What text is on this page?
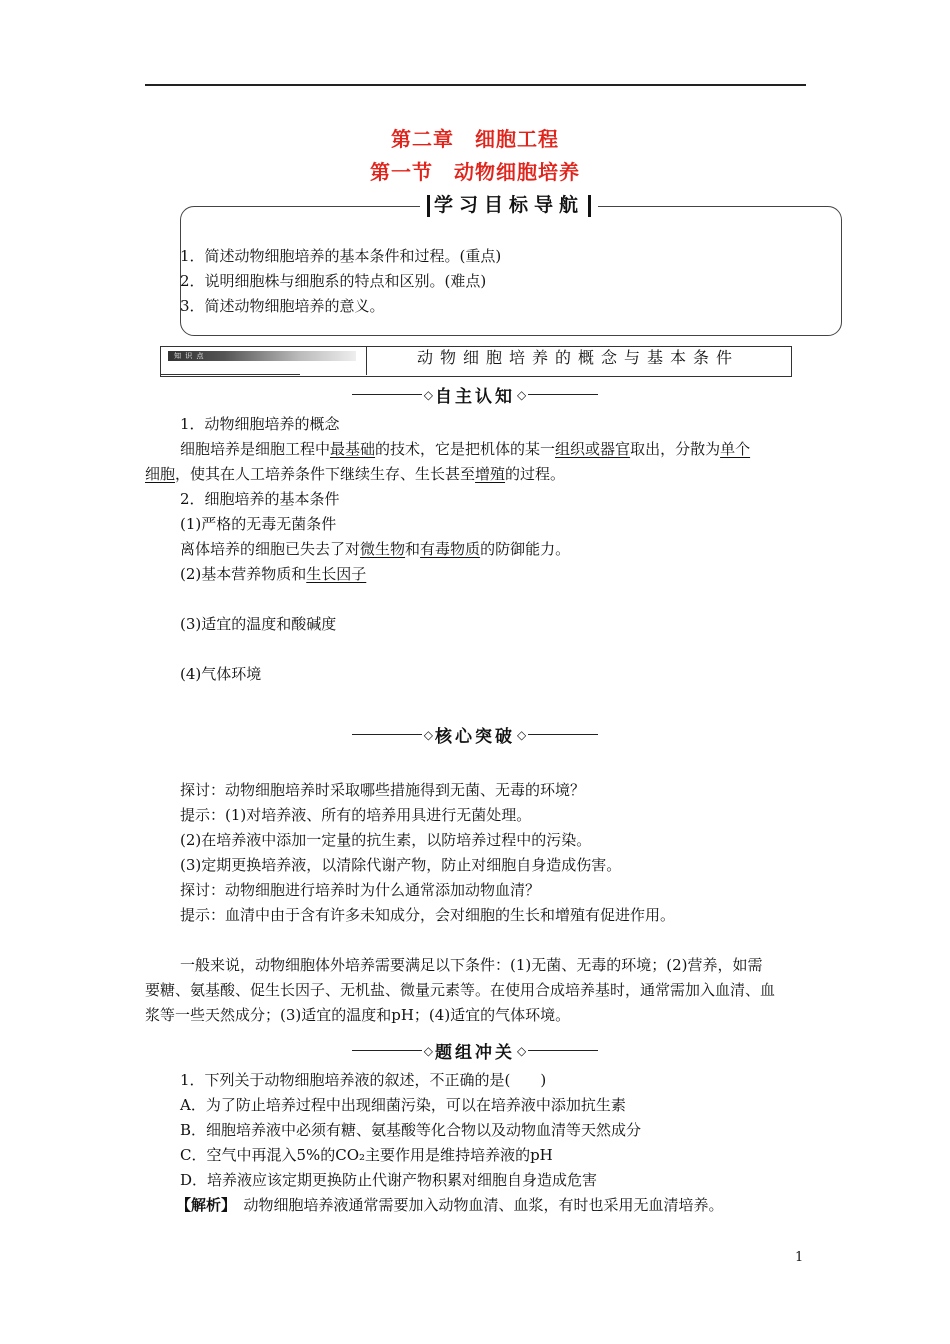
第二章　细胞工程
第一节　动物细胞培养
学习目标导航
1．简述动物细胞培养的基本条件和过程。(重点)
2．说明细胞株与细胞系的特点和区别。(难点)
3．简述动物细胞培养的意义。
知 识 点	动物细胞培养的概念与基本条件
◇ 自主认知 ◇
1．动物细胞培养的概念
细胞培养是细胞工程中最基础的技术，它是把机体的某一组织或器官取出，分散为单个
细胞，使其在人工培养条件下继续生存、生长甚至增殖的过程。
2．细胞培养的基本条件
(1)严格的无毒无菌条件
离体培养的细胞已失去了对微生物和有毒物质的防御能力。
(2)基本营养物质和生长因子
(3)适宜的温度和酸碱度
(4)气体环境
◇ 核心突破 ◇
探讨：动物细胞培养时采取哪些措施得到无菌、无毒的环境？
提示：(1)对培养液、所有的培养用具进行无菌处理。
(2)在培养液中添加一定量的抗生素，以防培养过程中的污染。
(3)定期更换培养液，以清除代谢产物，防止对细胞自身造成伤害。
探讨：动物细胞进行培养时为什么通常添加动物血清？
提示：血清中由于含有许多未知成分，会对细胞的生长和增殖有促进作用。
一般来说，动物细胞体外培养需要满足以下条件：(1)无菌、无毒的环境；(2)营养，如需
要糖、氨基酸、促生长因子、无机盐、微量元素等。在使用合成培养基时，通常需加入血清、血
浆等一些天然成分；(3)适宜的温度和pH；(4)适宜的气体环境。
◇ 题组冲关 ◇
1．下列关于动物细胞培养液的叙述，不正确的是(　　)
A．为了防止培养过程中出现细菌污染，可以在培养液中添加抗生素
B．细胞培养液中必须有糖、氨基酸等化合物以及动物血清等天然成分
C．空气中再混入5%的CO₂主要作用是维持培养液的pH
D．培养液应该定期更换防止代谢产物积累对细胞自身造成危害
【解析】　动物细胞培养液通常需要加入动物血清、血浆，有时也采用无血清培养。
1
